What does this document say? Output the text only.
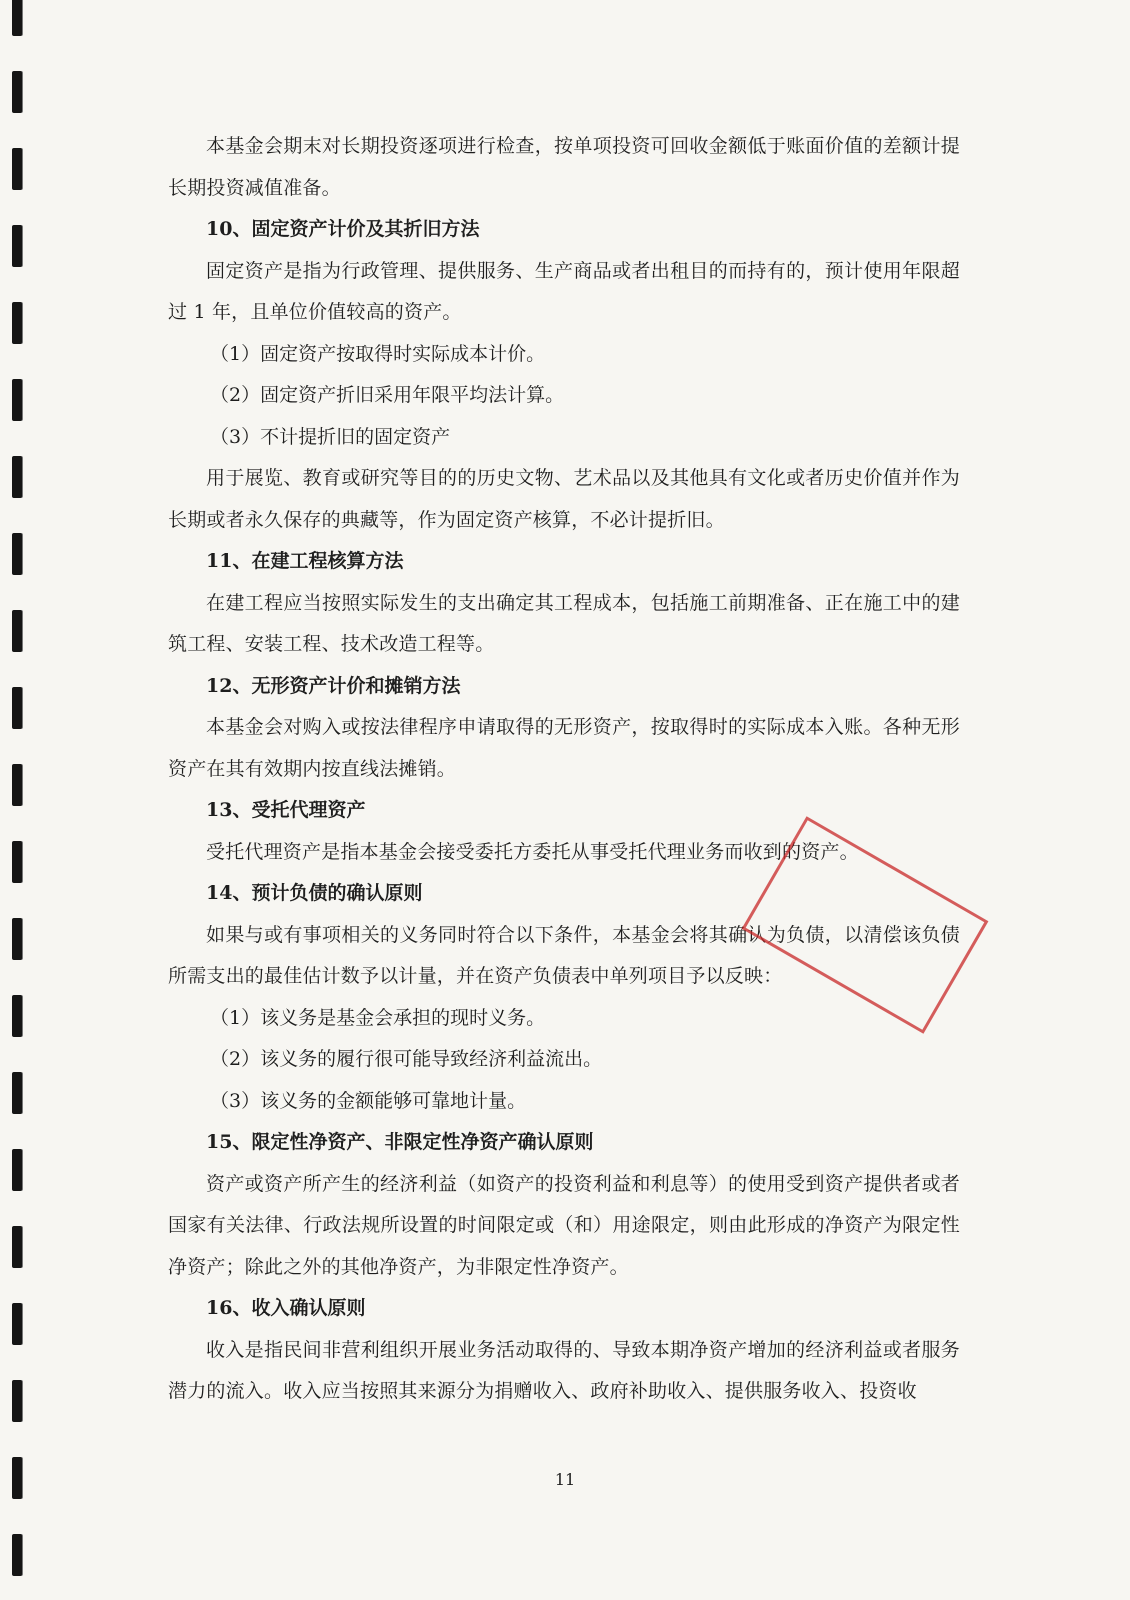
本基金会期末对长期投资逐项进行检查，按单项投资可回收金额低于账面价值的差额计提长期投资减值准备。

10、固定资产计价及其折旧方法

固定资产是指为行政管理、提供服务、生产商品或者出租目的而持有的，预计使用年限超过 1 年，且单位价值较高的资产。

（1）固定资产按取得时实际成本计价。

（2）固定资产折旧采用年限平均法计算。

（3）不计提折旧的固定资产

用于展览、教育或研究等目的的历史文物、艺术品以及其他具有文化或者历史价值并作为长期或者永久保存的典藏等，作为固定资产核算，不必计提折旧。

11、在建工程核算方法

在建工程应当按照实际发生的支出确定其工程成本，包括施工前期准备、正在施工中的建筑工程、安装工程、技术改造工程等。

12、无形资产计价和摊销方法

本基金会对购入或按法律程序申请取得的无形资产，按取得时的实际成本入账。各种无形资产在其有效期内按直线法摊销。

13、受托代理资产

受托代理资产是指本基金会接受委托方委托从事受托代理业务而收到的资产。

14、预计负债的确认原则

如果与或有事项相关的义务同时符合以下条件，本基金会将其确认为负债，以清偿该负债所需支出的最佳估计数予以计量，并在资产负债表中单列项目予以反映：

（1）该义务是基金会承担的现时义务。

（2）该义务的履行很可能导致经济利益流出。

（3）该义务的金额能够可靠地计量。

15、限定性净资产、非限定性净资产确认原则

资产或资产所产生的经济利益（如资产的投资利益和利息等）的使用受到资产提供者或者国家有关法律、行政法规所设置的时间限定或（和）用途限定，则由此形成的净资产为限定性净资产；除此之外的其他净资产，为非限定性净资产。

16、收入确认原则

收入是指民间非营利组织开展业务活动取得的、导致本期净资产增加的经济利益或者服务潜力的流入。收入应当按照其来源分为捐赠收入、政府补助收入、提供服务收入、投资收

11
